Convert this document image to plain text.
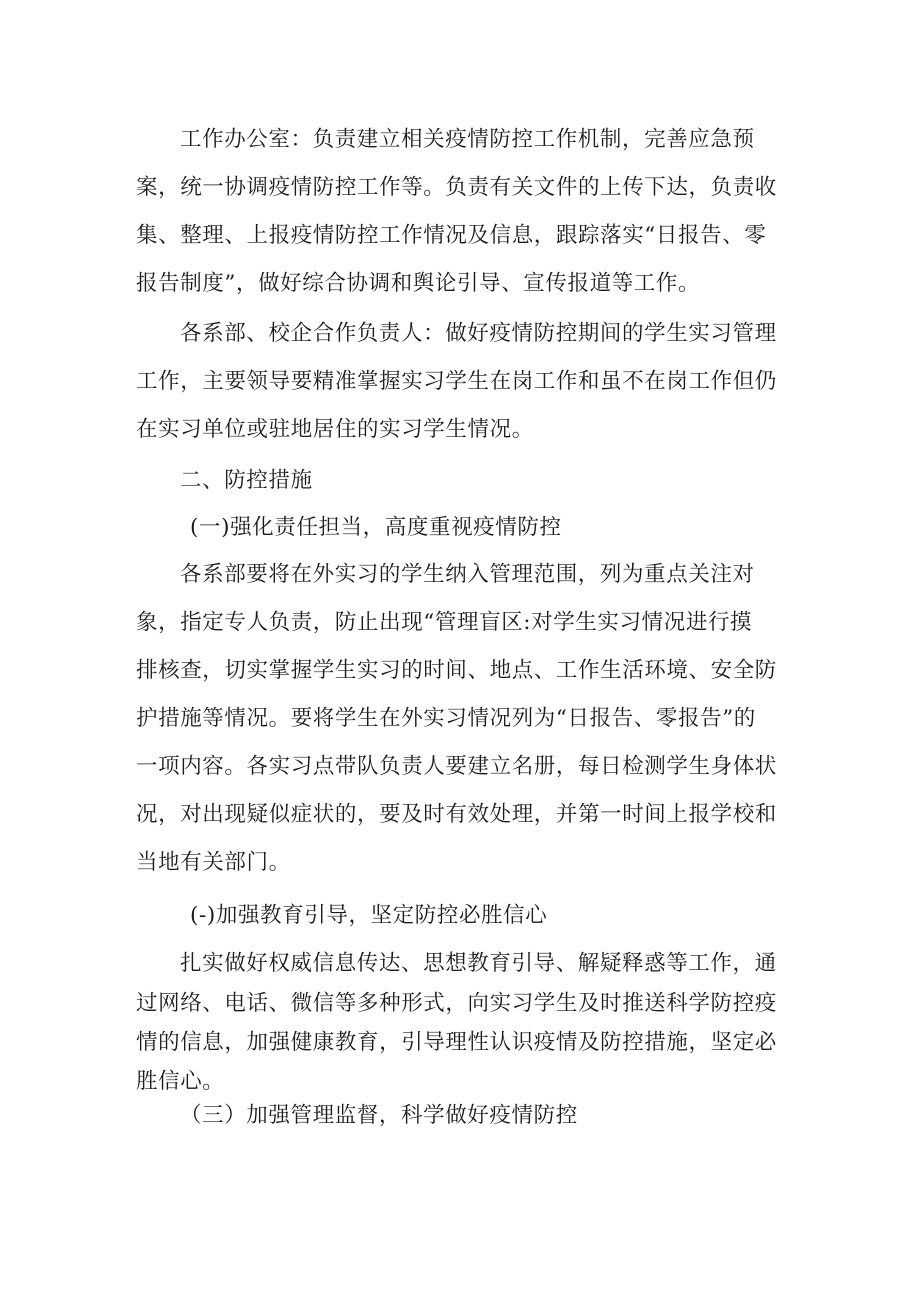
工作办公室：负责建立相关疫情防控工作机制，完善应急预
案，统一协调疫情防控工作等。负责有关文件的上传下达，负责收
集、整理、上报疫情防控工作情况及信息，跟踪落实“日报告、零
报告制度”，做好综合协调和舆论引导、宣传报道等工作。
各系部、校企合作负责人：做好疫情防控期间的学生实习管理
工作，主要领导要精准掌握实习学生在岗工作和虽不在岗工作但仍
在实习单位或驻地居住的实习学生情况。
二、防控措施
(一)强化责任担当，高度重视疫情防控
各系部要将在外实习的学生纳入管理范围，列为重点关注对
象，指定专人负责，防止出现“管理盲区:对学生实习情况进行摸
排核查，切实掌握学生实习的时间、地点、工作生活环境、安全防
护措施等情况。要将学生在外实习情况列为“日报告、零报告”的
一项内容。各实习点带队负责人要建立名册，每日检测学生身体状
况，对出现疑似症状的，要及时有效处理，并第一时间上报学校和
当地有关部门。
(-)加强教育引导，坚定防控必胜信心
扎实做好权威信息传达、思想教育引导、解疑释惑等工作，通
过网络、电话、微信等多种形式，向实习学生及时推送科学防控疫
情的信息，加强健康教育，引导理性认识疫情及防控措施，坚定必
胜信心。
（三）加强管理监督，科学做好疫情防控
